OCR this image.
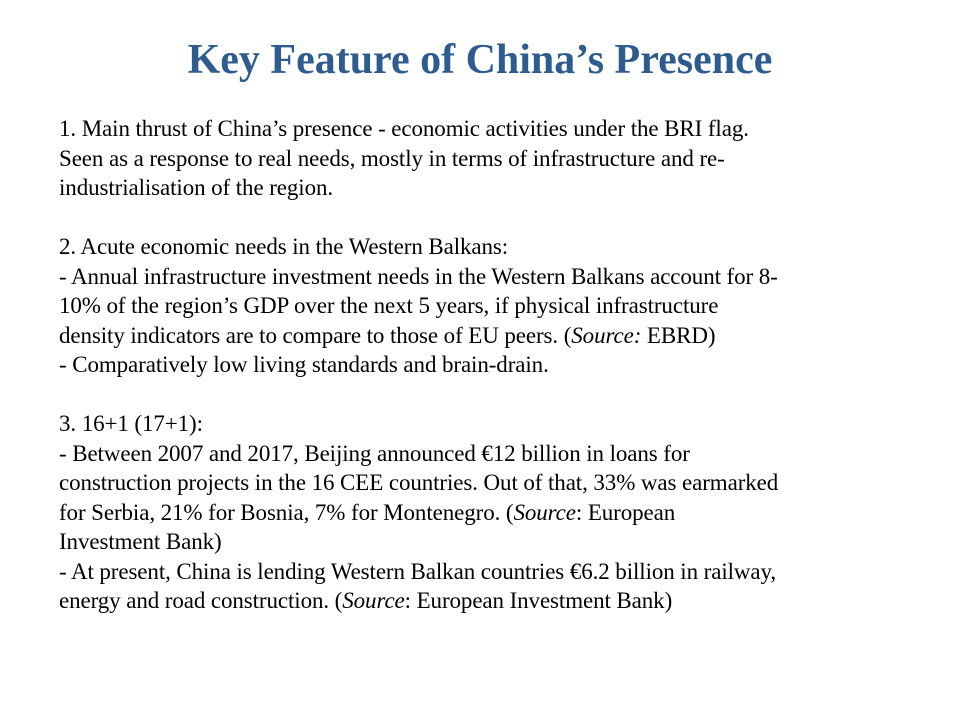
Key Feature of China’s Presence
1. Main thrust of China’s presence - economic activities under the BRI flag.
Seen as a response to real needs, mostly in terms of infrastructure and re-
industrialisation of the region.
2. Acute economic needs in the Western Balkans:
- Annual infrastructure investment needs in the Western Balkans account for 8-
10% of the region’s GDP over the next 5 years, if physical infrastructure
density indicators are to compare to those of EU peers. (Source: EBRD)
- Comparatively low living standards and brain-drain.
3. 16+1 (17+1):
- Between 2007 and 2017, Beijing announced €12 billion in loans for
construction projects in the 16 CEE countries. Out of that, 33% was earmarked
for Serbia, 21% for Bosnia, 7% for Montenegro. (Source: European
Investment Bank)
- At present, China is lending Western Balkan countries €6.2 billion in railway,
energy and road construction. (Source: European Investment Bank)
